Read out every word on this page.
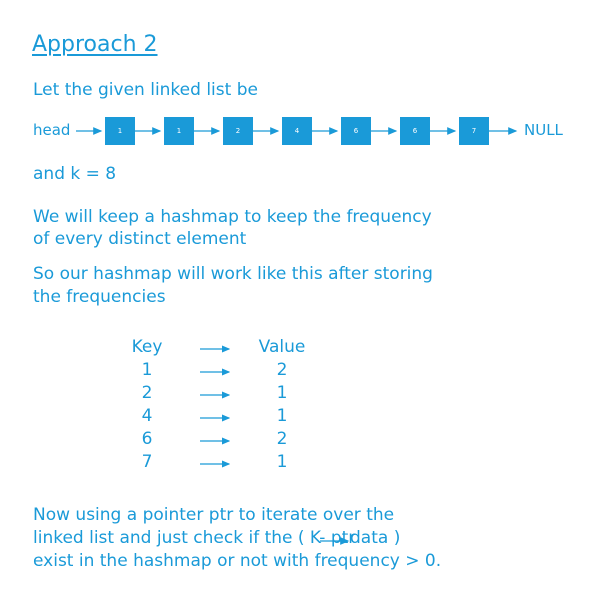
Approach 2
Let the given linked list be
head	1	1	2	4	6	6	7	NULL
and k = 8
We will keep a hashmap to keep the frequency
of every distinct element
So our hashmap will work like this after storing
the frequencies
Key	Value
1	2
2	1
4	1
6	2
7	1
Now using a pointer ptr to iterate over the
linked list and just check if the ( K- ptr
data )
exist in the hashmap or not with frequency > 0.
